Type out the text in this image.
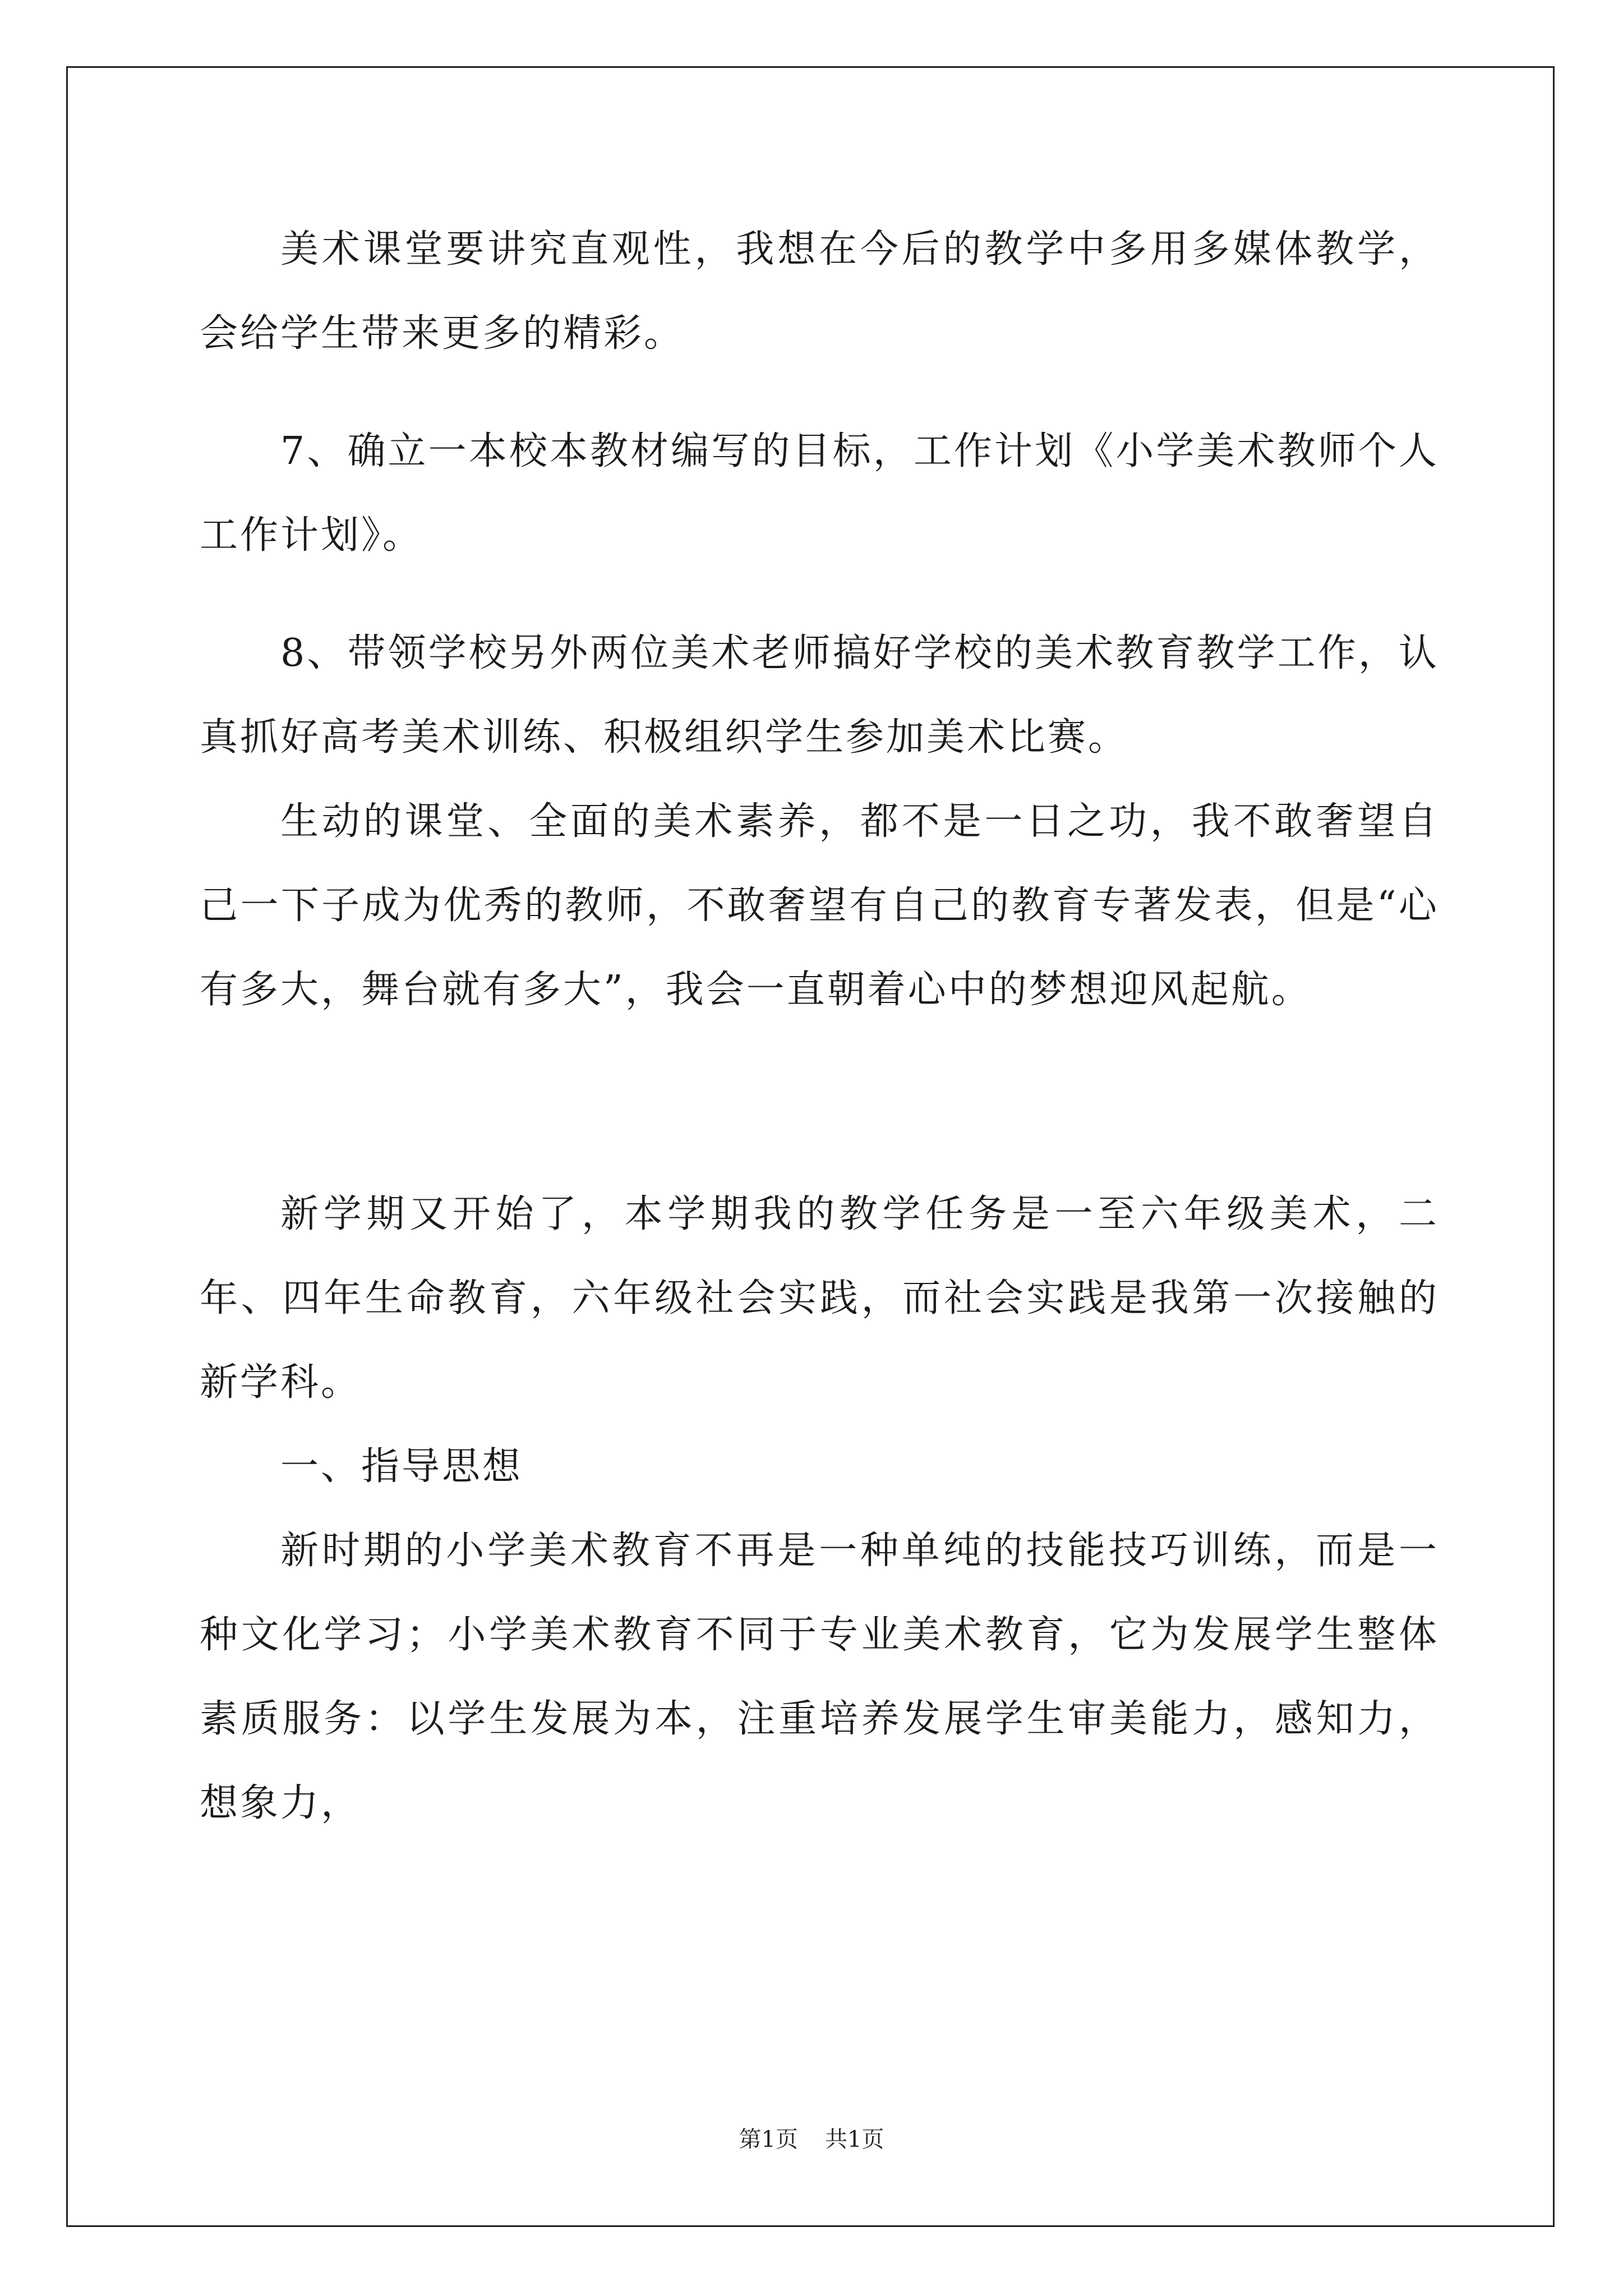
美术课堂要讲究直观性，我想在今后的教学中多用多媒体教学，会给学生带来更多的精彩。

7、确立一本校本教材编写的目标，工作计划《小学美术教师个人工作计划》。

8、带领学校另外两位美术老师搞好学校的美术教育教学工作，认真抓好高考美术训练、积极组织学生参加美术比赛。

生动的课堂、全面的美术素养，都不是一日之功，我不敢奢望自己一下子成为优秀的教师，不敢奢望有自己的教育专著发表，但是“心有多大，舞台就有多大”，我会一直朝着心中的梦想迎风起航。

新学期又开始了，本学期我的教学任务是一至六年级美术，二年、四年生命教育，六年级社会实践，而社会实践是我第一次接触的新学科。

一、指导思想

新时期的小学美术教育不再是一种单纯的技能技巧训练，而是一种文化学习；小学美术教育不同于专业美术教育，它为发展学生整体素质服务：以学生发展为本，注重培养发展学生审美能力，感知力，想象力，

第1页 共1页
